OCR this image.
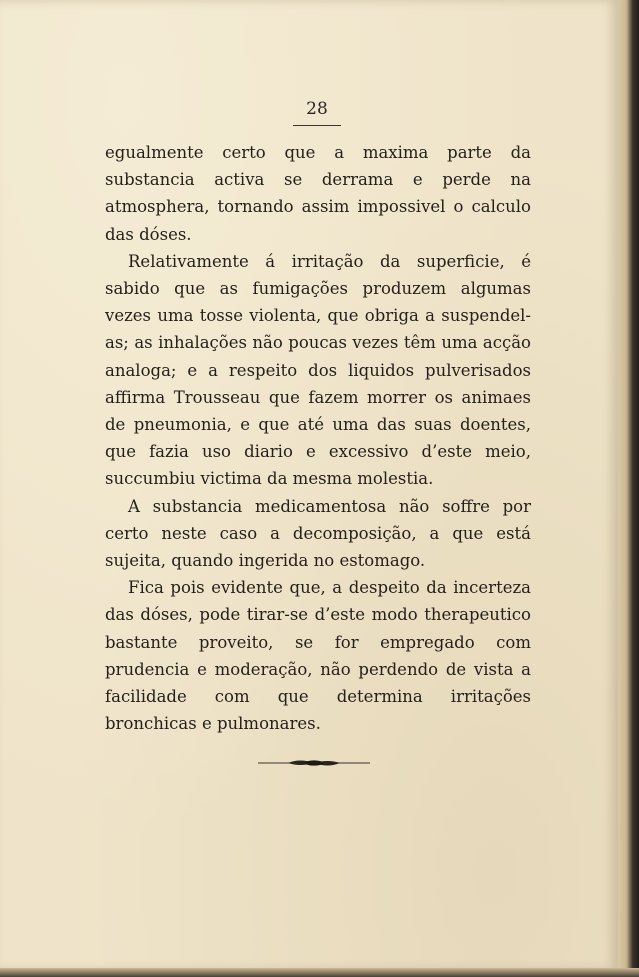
28

egualmente certo que a maxima parte da substancia activa se derrama e perde na atmosphera, tornando assim impossivel o calculo das dóses.

Relativamente á irritação da superficie, é sabido que as fumigações produzem algumas vezes uma tosse violenta, que obriga a suspendel-as; as inhalações não poucas vezes têm uma acção analoga; e a respeito dos liquidos pulverisados affirma Trousseau que fazem morrer os animaes de pneumonia, e que até uma das suas doentes, que fazia uso diario e excessivo d’este meio, succumbiu victima da mesma molestia.

A substancia medicamentosa não soffre por certo neste caso a decomposição, a que está sujeita, quando ingerida no estomago.

Fica pois evidente que, a despeito da incerteza das dóses, pode tirar-se d’este modo therapeutico bastante proveito, se for empregado com prudencia e moderação, não perdendo de vista a facilidade com que determina irritações bronchicas e pulmonares.
